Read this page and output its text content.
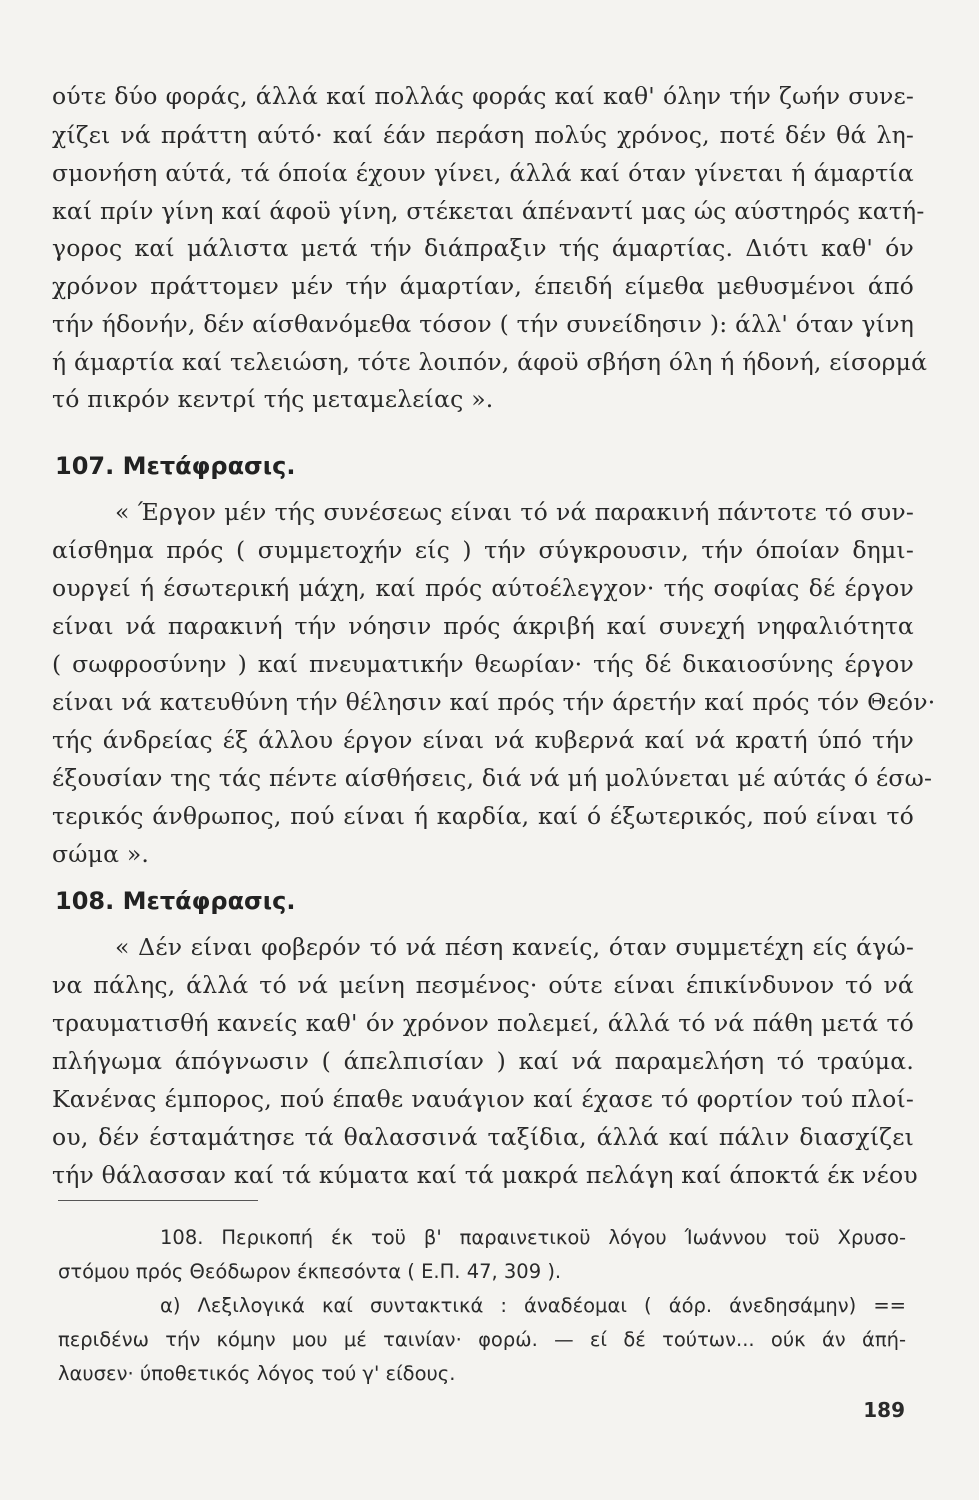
ούτε δύο φοράς, άλλά καί πολλάς φοράς καί καθ' όλην τήν ζωήν συνε-
χίζει νά πράττη αύτό· καί έάν περάση πολύς χρόνος, ποτέ δέν θά λη-
σμονήση αύτά, τά όποία έχουν γίνει, άλλά καί όταν γίνεται ή άμαρτία
καί πρίν γίνη καί άφοϋ γίνη, στέκεται άπέναντί μας ώς αύστηρός κατή-
γορος καί μάλιστα μετά τήν διάπραξιν τής άμαρτίας. Διότι καθ' όν
χρόνον πράττομεν μέν τήν άμαρτίαν, έπειδή είμεθα μεθυσμένοι άπό
τήν ήδονήν, δέν αίσθανόμεθα τόσον ( τήν συνείδησιν ): άλλ' όταν γίνη
ή άμαρτία καί τελειώση, τότε λοιπόν, άφοϋ σβήση όλη ή ήδονή, είσορμά
τό πικρόν κεντρί τής μεταμελείας ».
107. Μετάφρασις.
« Έργον μέν τής συνέσεως είναι τό νά παρακινή πάντοτε τό συν-
αίσθημα πρός ( συμμετοχήν είς ) τήν σύγκρουσιν, τήν όποίαν δημι-
ουργεί ή έσωτερική μάχη, καί πρός αύτοέλεγχον· τής σοφίας δέ έργον
είναι νά παρακινή τήν νόησιν πρός άκριβή καί συνεχή νηφαλιότητα
( σωφροσύνην ) καί πνευματικήν θεωρίαν· τής δέ δικαιοσύνης έργον
είναι νά κατευθύνη τήν θέλησιν καί πρός τήν άρετήν καί πρός τόν Θεόν·
τής άνδρείας έξ άλλου έργον είναι νά κυβερνά καί νά κρατή ύπό τήν
έξουσίαν της τάς πέντε αίσθήσεις, διά νά μή μολύνεται μέ αύτάς ό έσω-
τερικός άνθρωπος, πού είναι ή καρδία, καί ό έξωτερικός, πού είναι τό
σώμα ».
108. Μετάφρασις.
« Δέν είναι φοβερόν τό νά πέση κανείς, όταν συμμετέχη είς άγώ-
να πάλης, άλλά τό νά μείνη πεσμένος· ούτε είναι έπικίνδυνον τό νά
τραυματισθή κανείς καθ' όν χρόνον πολεμεί, άλλά τό νά πάθη μετά τό
πλήγωμα άπόγνωσιν ( άπελπισίαν ) καί νά παραμελήση τό τραύμα.
Κανένας έμπορος, πού έπαθε ναυάγιον καί έχασε τό φορτίον τού πλοί-
ου, δέν έσταμάτησε τά θαλασσινά ταξίδια, άλλά καί πάλιν διασχίζει
τήν θάλασσαν καί τά κύματα καί τά μακρά πελάγη καί άποκτά έκ νέου
108. Περικοπή έκ τοϋ β' παραινετικοϋ λόγου Ίωάννου τοϋ Χρυσο-
στόμου πρός Θεόδωρον έκπεσόντα ( Ε.Π. 47, 309 ).
α) Λεξιλογικά καί συντακτικά : άναδέομαι ( άόρ. άνεδησάμην) ==
περιδένω τήν κόμην μου μέ ταινίαν· φορώ. — εί δέ τούτων... ούκ άν άπή-
λαυσεν· ύποθετικός λόγος τού γ' είδους.
189
